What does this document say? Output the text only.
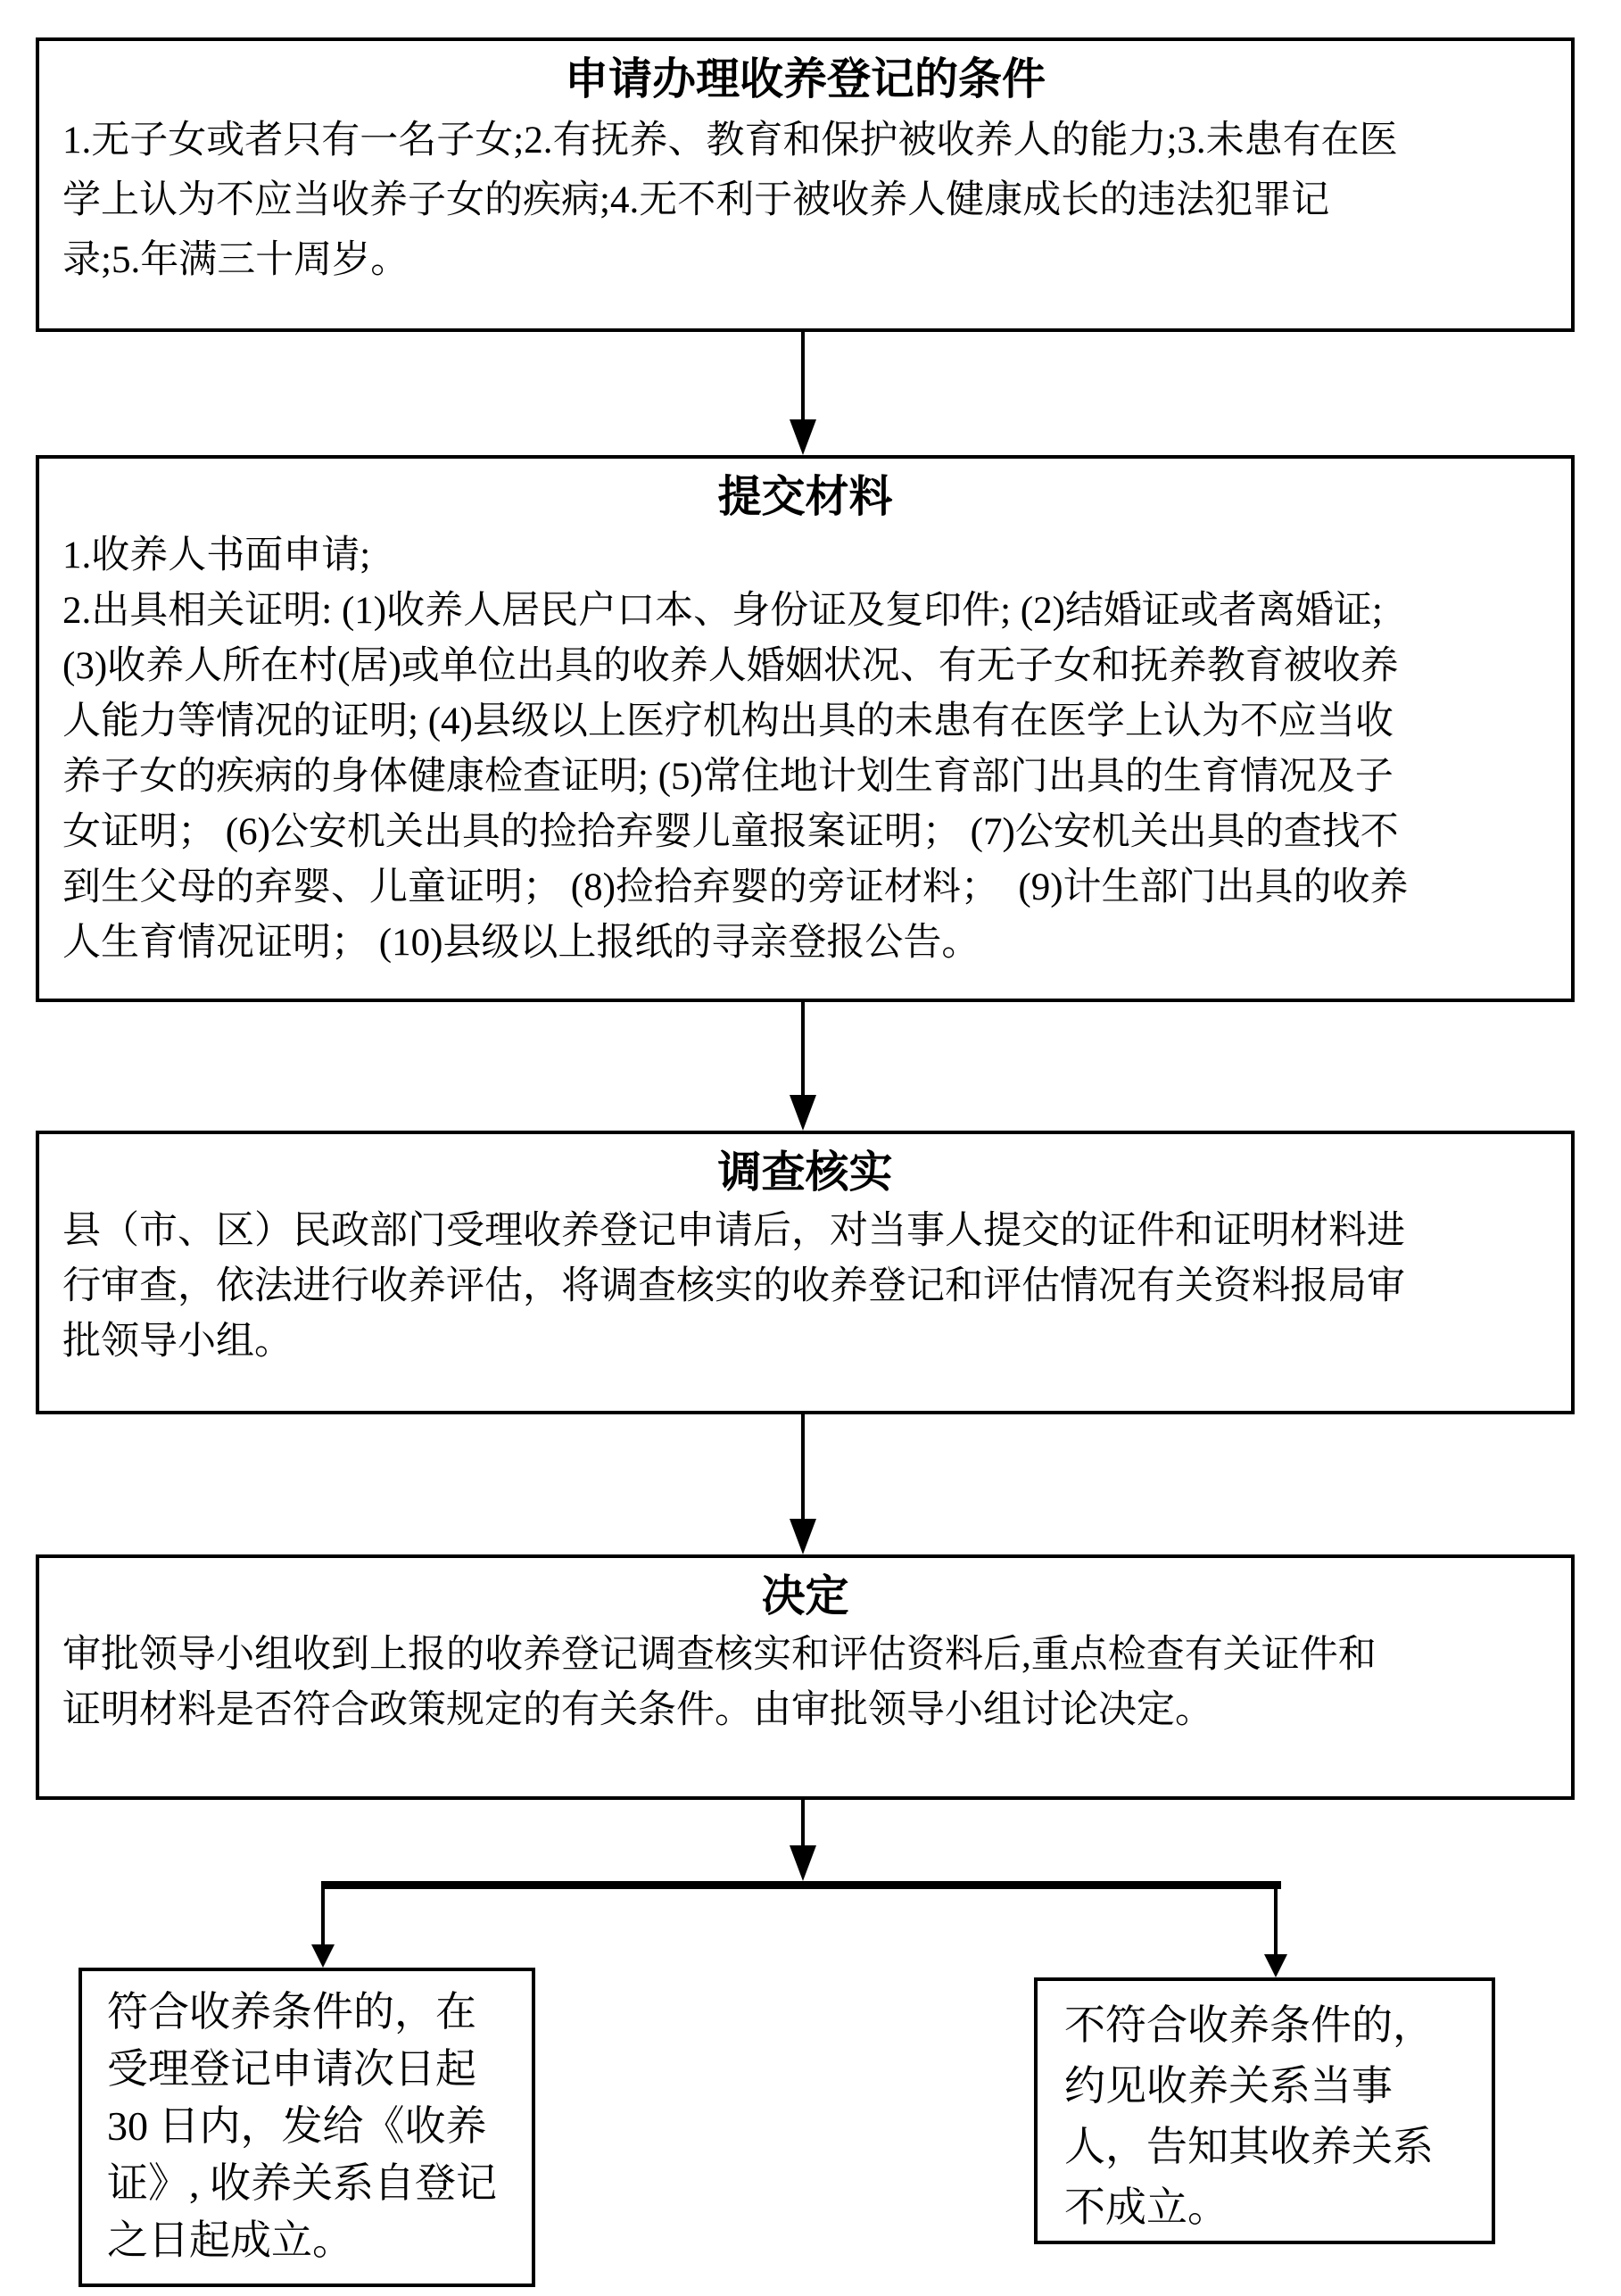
申请办理收养登记的条件
1.无子女或者只有一名子女;2.有抚养、教育和保护被收养人的能力;3.未患有在医
学上认为不应当收养子女的疾病;4.无不利于被收养人健康成长的违法犯罪记
录;5.年满三十周岁。
提交材料
1.收养人书面申请;
2.出具相关证明: (1)收养人居民户口本、身份证及复印件; (2)结婚证或者离婚证;
(3)收养人所在村(居)或单位出具的收养人婚姻状况、有无子女和抚养教育被收养
人能力等情况的证明; (4)县级以上医疗机构出具的未患有在医学上认为不应当收
养子女的疾病的身体健康检查证明; (5)常住地计划生育部门出具的生育情况及子
女证明； (6)公安机关出具的捡拾弃婴儿童报案证明； (7)公安机关出具的查找不
到生父母的弃婴、儿童证明； (8)捡拾弃婴的旁证材料；  (9)计生部门出具的收养
人生育情况证明； (10)县级以上报纸的寻亲登报公告。
调查核实
县（市、区）民政部门受理收养登记申请后，对当事人提交的证件和证明材料进
行审查，依法进行收养评估，将调查核实的收养登记和评估情况有关资料报局审
批领导小组。
决定
审批领导小组收到上报的收养登记调查核实和评估资料后,重点检查有关证件和
证明材料是否符合政策规定的有关条件。由审批领导小组讨论决定。
符合收养条件的，在
受理登记申请次日起
30 日内，发给《收养
证》, 收养关系自登记
之日起成立。
不符合收养条件的，
约见收养关系当事
人，告知其收养关系
不成立。
